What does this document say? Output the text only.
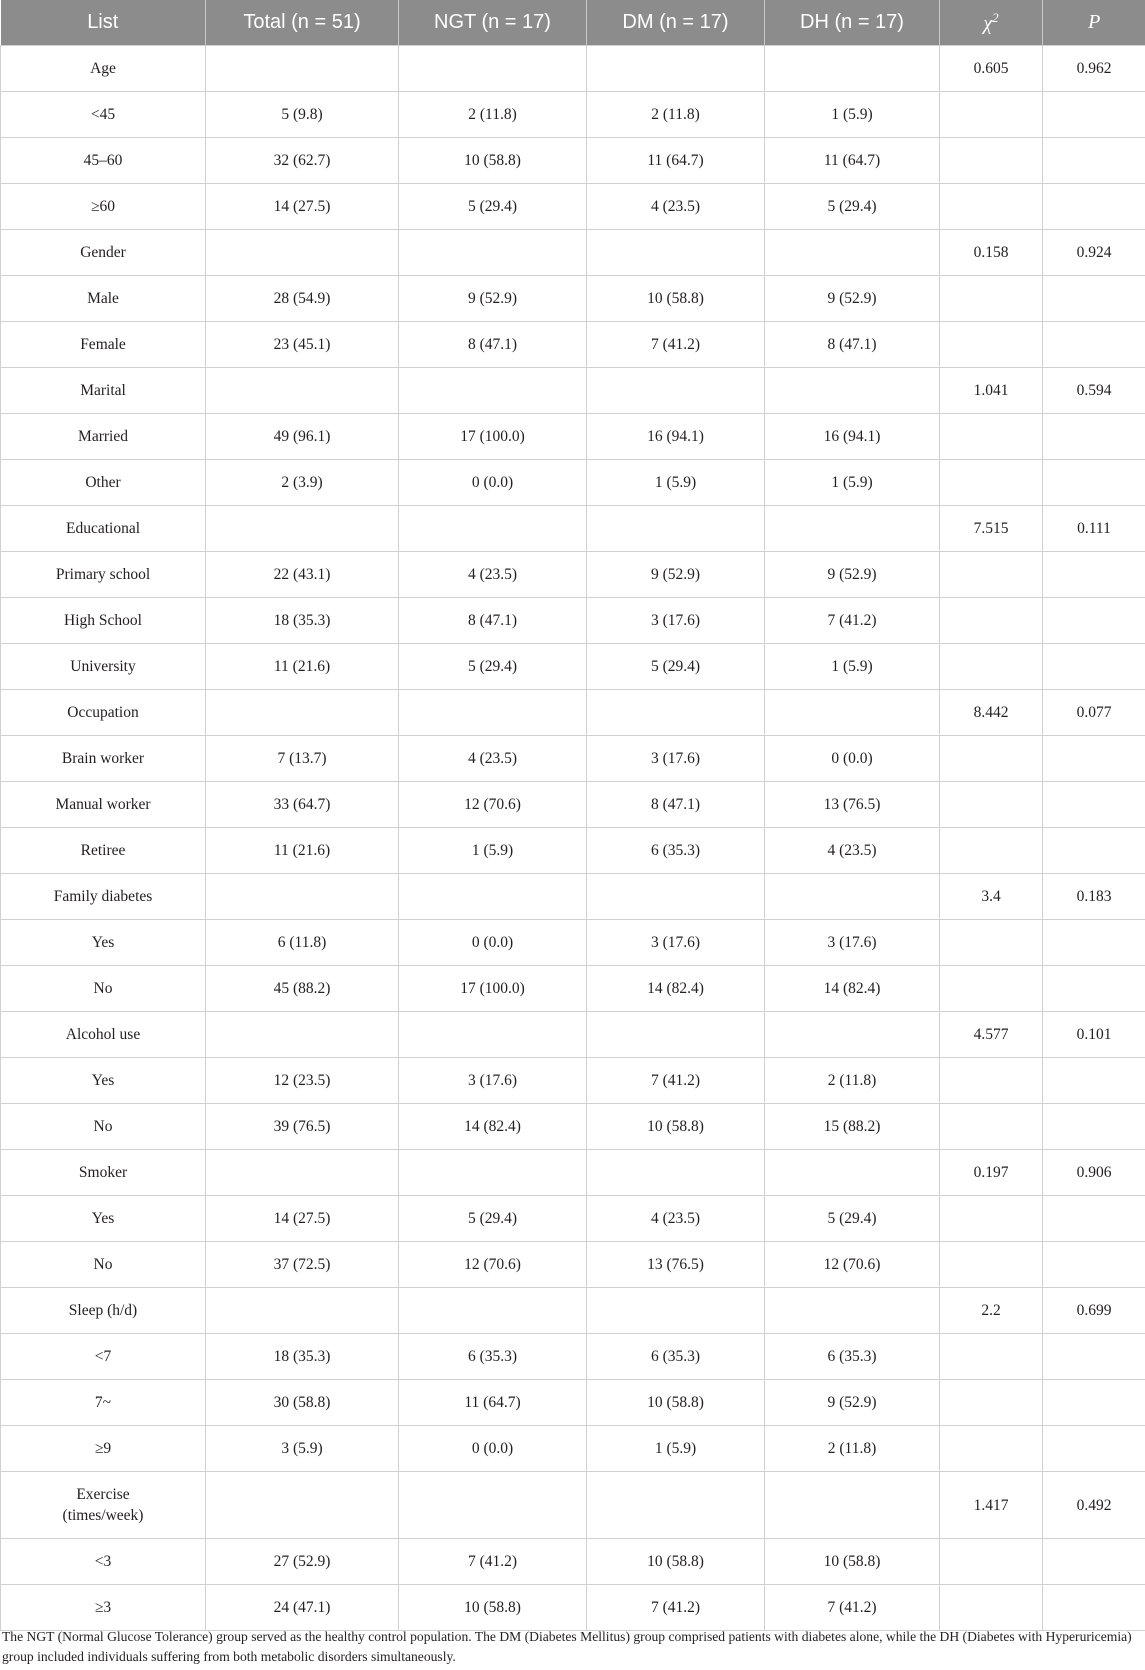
List	Total (n = 51)	NGT (n = 17)	DM (n = 17)	DH (n = 17)	$\chi^2$	P
Age					0.605	0.962
<45	5 (9.8)	2 (11.8)	2 (11.8)	1 (5.9)		
45–60	32 (62.7)	10 (58.8)	11 (64.7)	11 (64.7)		
≥60	14 (27.5)	5 (29.4)	4 (23.5)	5 (29.4)		
Gender					0.158	0.924
Male	28 (54.9)	9 (52.9)	10 (58.8)	9 (52.9)		
Female	23 (45.1)	8 (47.1)	7 (41.2)	8 (47.1)		
Marital					1.041	0.594
Married	49 (96.1)	17 (100.0)	16 (94.1)	16 (94.1)		
Other	2 (3.9)	0 (0.0)	1 (5.9)	1 (5.9)		
Educational					7.515	0.111
Primary school	22 (43.1)	4 (23.5)	9 (52.9)	9 (52.9)		
High School	18 (35.3)	8 (47.1)	3 (17.6)	7 (41.2)		
University	11 (21.6)	5 (29.4)	5 (29.4)	1 (5.9)		
Occupation					8.442	0.077
Brain worker	7 (13.7)	4 (23.5)	3 (17.6)	0 (0.0)		
Manual worker	33 (64.7)	12 (70.6)	8 (47.1)	13 (76.5)		
Retiree	11 (21.6)	1 (5.9)	6 (35.3)	4 (23.5)		
Family diabetes					3.4	0.183
Yes	6 (11.8)	0 (0.0)	3 (17.6)	3 (17.6)		
No	45 (88.2)	17 (100.0)	14 (82.4)	14 (82.4)		
Alcohol use					4.577	0.101
Yes	12 (23.5)	3 (17.6)	7 (41.2)	2 (11.8)		
No	39 (76.5)	14 (82.4)	10 (58.8)	15 (88.2)		
Smoker					0.197	0.906
Yes	14 (27.5)	5 (29.4)	4 (23.5)	5 (29.4)		
No	37 (72.5)	12 (70.6)	13 (76.5)	12 (70.6)		
Sleep (h/d)					2.2	0.699
<7	18 (35.3)	6 (35.3)	6 (35.3)	6 (35.3)		
7~	30 (58.8)	11 (64.7)	10 (58.8)	9 (52.9)		
≥9	3 (5.9)	0 (0.0)	1 (5.9)	2 (11.8)		
Exercise
(times/week)					1.417	0.492
<3	27 (52.9)	7 (41.2)	10 (58.8)	10 (58.8)		
≥3	24 (47.1)	10 (58.8)	7 (41.2)	7 (41.2)		
The NGT (Normal Glucose Tolerance) group served as the healthy control population. The DM (Diabetes Mellitus) group comprised patients with diabetes alone, while the DH (Diabetes with Hyperuricemia) group included individuals suffering from both metabolic disorders simultaneously.
